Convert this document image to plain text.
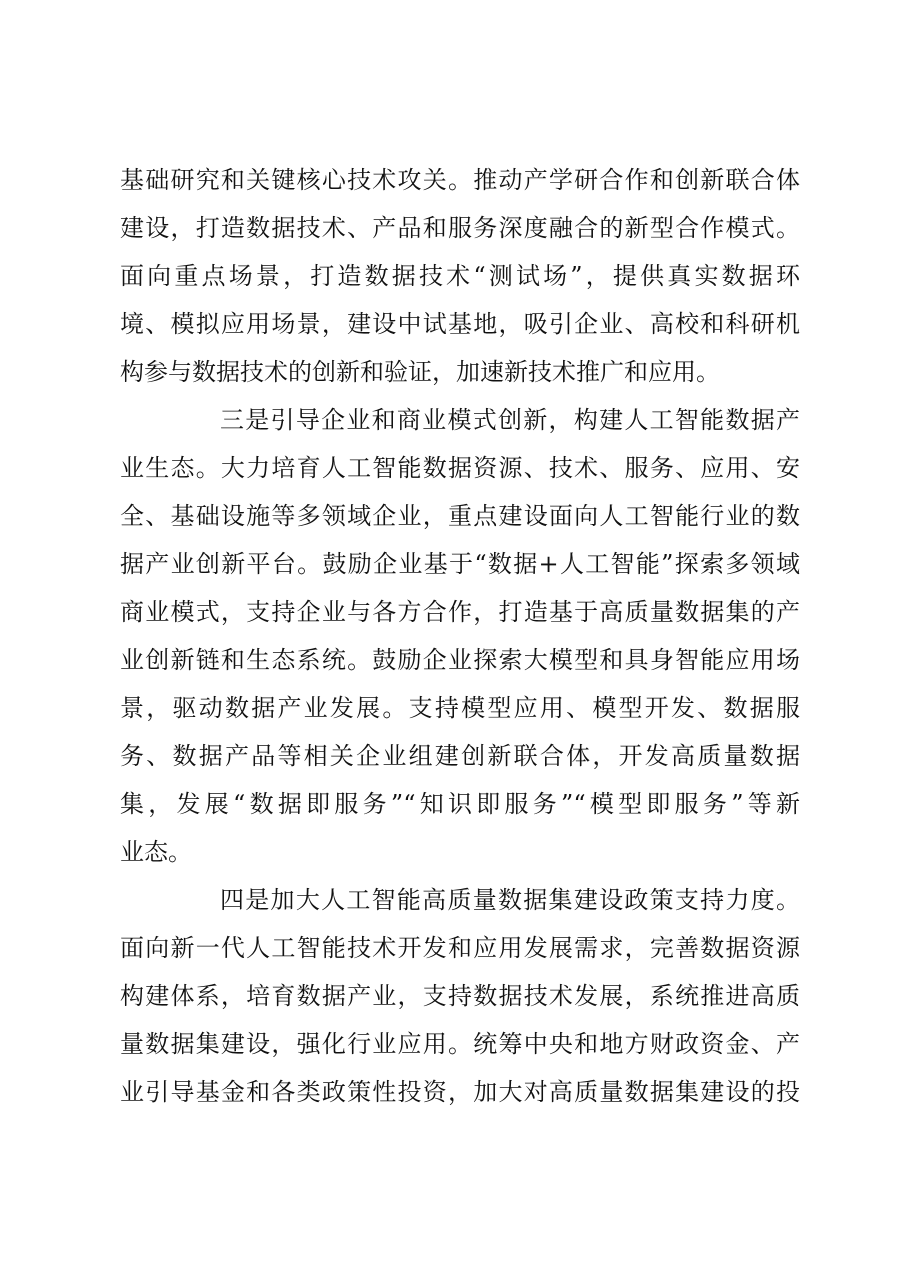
基础研究和关键核心技术攻关。推动产学研合作和创新联合体
建设，打造数据技术、产品和服务深度融合的新型合作模式。
面向重点场景，打造数据技术“测试场”，提供真实数据环
境、模拟应用场景，建设中试基地，吸引企业、高校和科研机
构参与数据技术的创新和验证，加速新技术推广和应用。
三是引导企业和商业模式创新，构建人工智能数据产
业生态。大力培育人工智能数据资源、技术、服务、应用、安
全、基础设施等多领域企业，重点建设面向人工智能行业的数
据产业创新平台。鼓励企业基于“数据+人工智能”探索多领域
商业模式，支持企业与各方合作，打造基于高质量数据集的产
业创新链和生态系统。鼓励企业探索大模型和具身智能应用场
景，驱动数据产业发展。支持模型应用、模型开发、数据服
务、数据产品等相关企业组建创新联合体，开发高质量数据
集，发展“数据即服务”“知识即服务”“模型即服务”等新
业态。
四是加大人工智能高质量数据集建设政策支持力度。
面向新一代人工智能技术开发和应用发展需求，完善数据资源
构建体系，培育数据产业，支持数据技术发展，系统推进高质
量数据集建设，强化行业应用。统筹中央和地方财政资金、产
业引导基金和各类政策性投资，加大对高质量数据集建设的投
